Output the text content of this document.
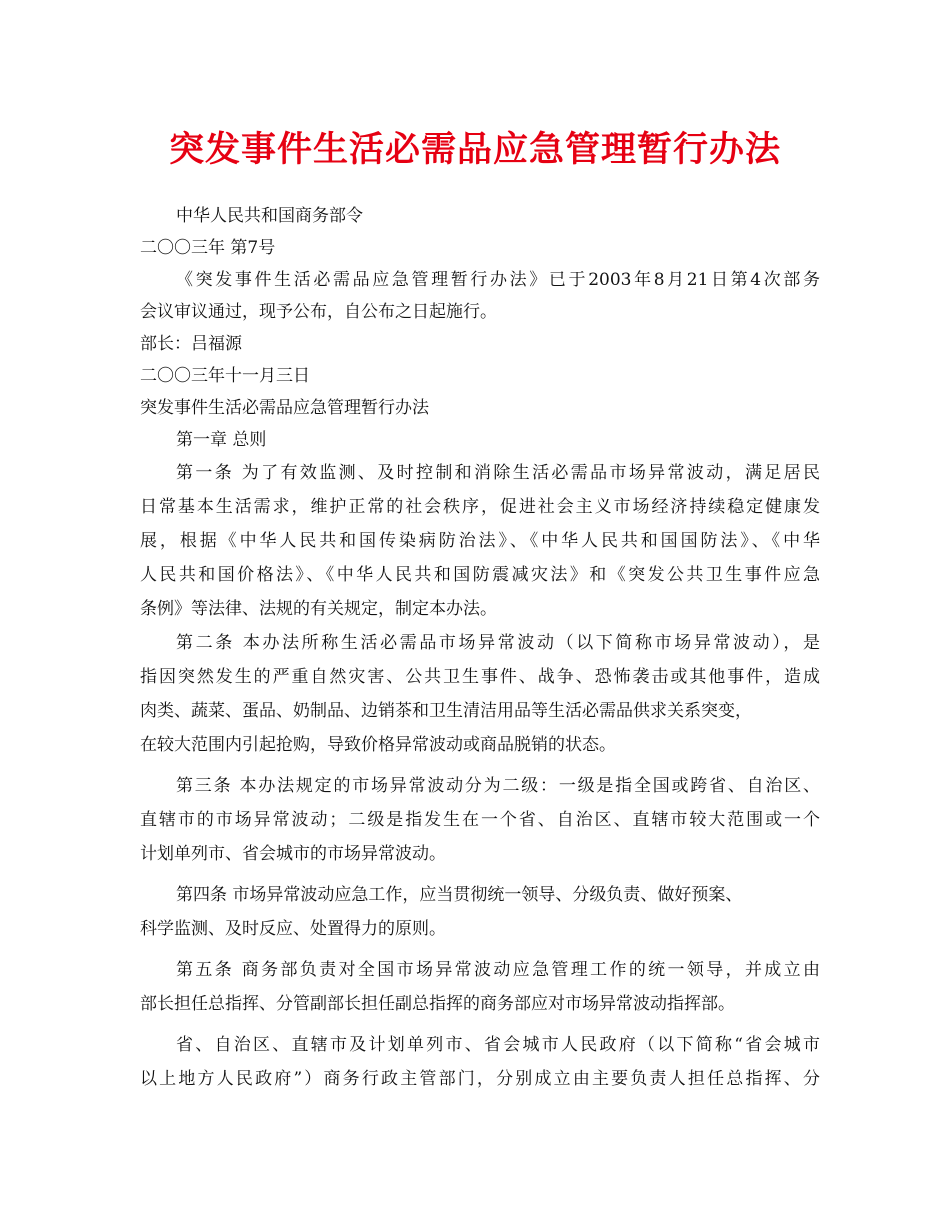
突发事件生活必需品应急管理暂行办法
中华人民共和国商务部令
二〇〇三年 第7号
《突发事件生活必需品应急管理暂行办法》已于2003年8月21日第4次部务
会议审议通过，现予公布，自公布之日起施行。
部长：吕福源
二〇〇三年十一月三日
突发事件生活必需品应急管理暂行办法
第一章 总则
第一条 为了有效监测、及时控制和消除生活必需品市场异常波动，满足居民
日常基本生活需求，维护正常的社会秩序，促进社会主义市场经济持续稳定健康发
展，根据《中华人民共和国传染病防治法》、《中华人民共和国国防法》、《中华
人民共和国价格法》、《中华人民共和国防震减灾法》和《突发公共卫生事件应急
条例》等法律、法规的有关规定，制定本办法。
第二条 本办法所称生活必需品市场异常波动（以下简称市场异常波动），是
指因突然发生的严重自然灾害、公共卫生事件、战争、恐怖袭击或其他事件，造成
肉类、蔬菜、蛋品、奶制品、边销茶和卫生清洁用品等生活必需品供求关系突变，
在较大范围内引起抢购，导致价格异常波动或商品脱销的状态。
第三条 本办法规定的市场异常波动分为二级：一级是指全国或跨省、自治区、
直辖市的市场异常波动；二级是指发生在一个省、自治区、直辖市较大范围或一个
计划单列市、省会城市的市场异常波动。
第四条 市场异常波动应急工作，应当贯彻统一领导、分级负责、做好预案、
科学监测、及时反应、处置得力的原则。
第五条 商务部负责对全国市场异常波动应急管理工作的统一领导，并成立由
部长担任总指挥、分管副部长担任副总指挥的商务部应对市场异常波动指挥部。
省、自治区、直辖市及计划单列市、省会城市人民政府（以下简称“省会城市
以上地方人民政府”）商务行政主管部门，分别成立由主要负责人担任总指挥、分
